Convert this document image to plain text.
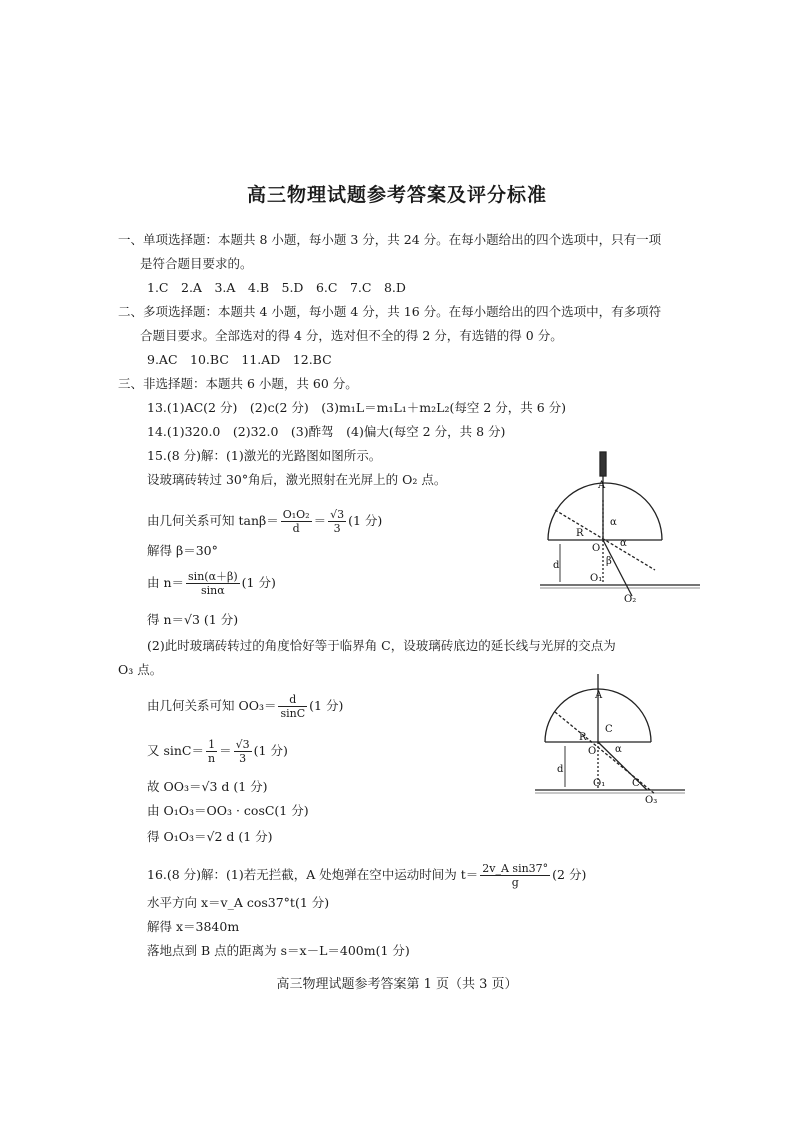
高三物理试题参考答案及评分标准
一、单项选择题：本题共 8 小题，每小题 3 分，共 24 分。在每小题给出的四个选项中，只有一项
是符合题目要求的。
1.C　2.A　3.A　4.B　5.D　6.C　7.C　8.D
二、多项选择题：本题共 4 小题，每小题 4 分，共 16 分。在每小题给出的四个选项中，有多项符
合题目要求。全部选对的得 4 分，选对但不全的得 2 分，有选错的得 0 分。
9.AC　10.BC　11.AD　12.BC
三、非选择题：本题共 6 小题，共 60 分。
13.(1)AC(2 分)　(2)c(2 分)　(3)m₁L＝m₁L₁＋m₂L₂(每空 2 分，共 6 分)
14.(1)320.0　(2)32.0　(3)酢驾　(4)偏大(每空 2 分，共 8 分)
15.(8 分)解：(1)激光的光路图如图所示。
设玻璃砖转过 30°角后，激光照射在光屏上的 O₂ 点。
由几何关系可知 $\tan\beta= \frac{\text{O₁O₂}}{d} = \frac{√3}{3} (1$ 分)
解得 β＝30°
由 $n= \frac{\sin(\alpha+\beta)}{\sin\alpha} (1$ 分)
得 n＝√3 (1 分)
(2)此时玻璃砖转过的角度恰好等于临界角 C，设玻璃砖底边的延长线与光屏的交点为
O₃ 点。
由几何关系可知 $OO_3= \frac{d}{\sin C} (1$ 分)
又 $\sin C= \frac{1}{n} = \frac{√3}{3} (1$ 分)
故 OO₃＝√3 d (1 分)
由 O₁O₃＝OO₃ · cosC(1 分)
得 O₁O₃＝√2 d (1 分)
16.(8 分)解：(1)若无拦截，A 处炮弹在空中运动时间为 $t= \frac{\text{2v\_A sin37°}}{g} (2$ 分)
水平方向 x＝v_A cos37°t(1 分)
解得 x＝3840m
落地点到 B 点的距离为 s＝x－L＝400m(1 分)
高三物理试题参考答案第 1 页（共 3 页）
A
α
R
O α
β
d
O₁
O₂
A
C
R
O α
d
O₁	C
O₃
